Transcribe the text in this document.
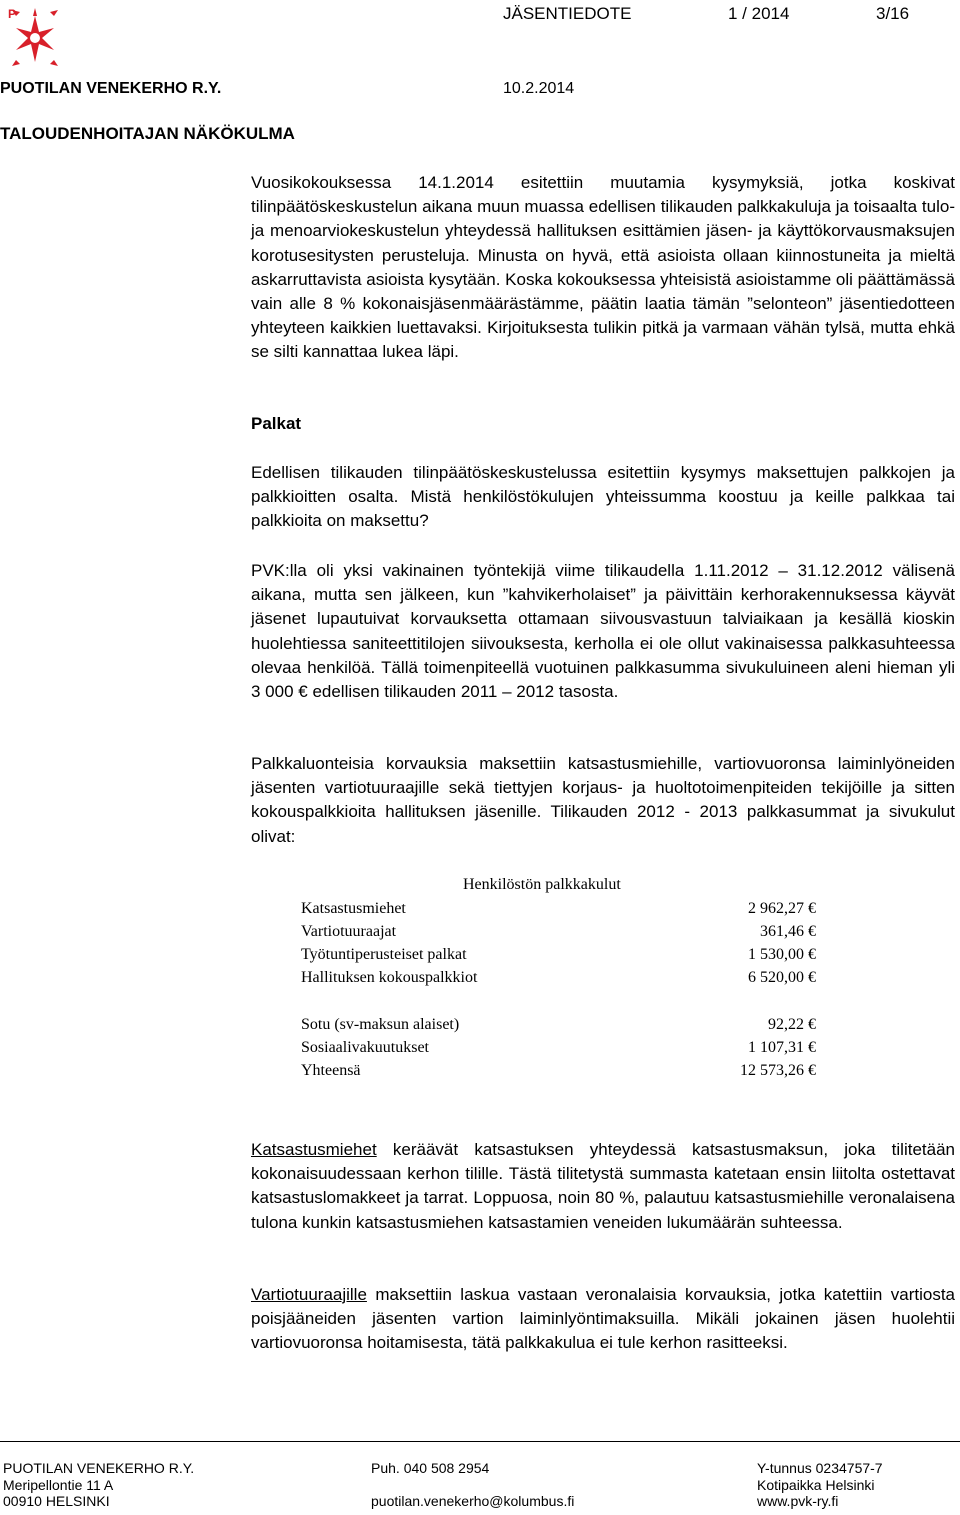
P	JÄSENTIEDOTE	1 / 2014	3/16
PUOTILAN VENEKERHO R.Y.	10.2.2014
TALOUDENHOITAJAN NÄKÖKULMA

Vuosikokouksessa 14.1.2014 esitettiin muutamia kysymyksiä, jotka koskivat tilinpäätöskeskustelun aikana muun muassa edellisen tilikauden palkkakuluja ja toisaalta tulo- ja menoarviokeskustelun yhteydessä hallituksen esittämien jäsen- ja käyttökorvausmaksujen korotusesitysten perusteluja. Minusta on hyvä, että asioista ollaan kiinnostuneita ja mieltä askarruttavista asioista kysytään. Koska kokouksessa yhteisistä asioistamme oli päättämässä vain alle 8 % kokonaisjäsenmäärästämme, päätin laatia tämän ”selonteon” jäsentiedotteen yhteyteen kaikkien luettavaksi. Kirjoituksesta tulikin pitkä ja varmaan vähän tylsä, mutta ehkä se silti kannattaa lukea läpi.

Palkat

Edellisen tilikauden tilinpäätöskeskustelussa esitettiin kysymys maksettujen palkkojen ja palkkioitten osalta. Mistä henkilöstökulujen yhteissumma koostuu ja keille palkkaa tai palkkioita on maksettu?

PVK:lla oli yksi vakinainen työntekijä viime tilikaudella 1.11.2012 – 31.12.2012 välisenä aikana, mutta sen jälkeen, kun ”kahvikerholaiset” ja päivittäin kerhorakennuksessa käyvät jäsenet lupautuivat korvauksetta ottamaan siivousvastuun talviaikaan ja kesällä kioskin huolehtiessa saniteettitilojen siivouksesta, kerholla ei ole ollut vakinaisessa palkkasuhteessa olevaa henkilöä. Tällä toimenpiteellä vuotuinen palkkasumma sivukuluineen aleni hieman yli 3 000 € edellisen tilikauden 2011 – 2012 tasosta.

Palkkaluonteisia korvauksia maksettiin katsastusmiehille, vartiovuoronsa laiminlyöneiden jäsenten vartiotuuraajille sekä tiettyjen korjaus- ja huoltotoimenpiteiden tekijöille ja sitten kokouspalkkioita hallituksen jäsenille. Tilikauden 2012 - 2013 palkkasummat ja sivukulut olivat:

Henkilöstön palkkakulut
Katsastusmiehet	2 962,27 €
Vartiotuuraajat	361,46 €
Työtuntiperusteiset palkat	1 530,00 €
Hallituksen kokouspalkkiot	6 520,00 €
Sotu (sv-maksun alaiset)	92,22 €
Sosiaalivakuutukset	1 107,31 €
Yhteensä	12 573,26 €

Katsastusmiehet keräävät katsastuksen yhteydessä katsastusmaksun, joka tilitetään kokonaisuudessaan kerhon tilille. Tästä tilitetystä summasta katetaan ensin liitolta ostettavat katsastuslomakkeet ja tarrat. Loppuosa, noin 80 %, palautuu katsastusmiehille veronalaisena tulona kunkin katsastusmiehen katsastamien veneiden lukumäärän suhteessa.

Vartiotuuraajille maksettiin laskua vastaan veronalaisia korvauksia, jotka katettiin vartiosta poisjääneiden jäsenten vartion laiminlyöntimaksuilla. Mikäli jokainen jäsen huolehtii vartiovuoronsa hoitamisesta, tätä palkkakulua ei tule kerhon rasitteeksi.

PUOTILAN VENEKERHO R.Y.
Meripellontie 11 A
00910 HELSINKI
Puh. 040 508 2954
puotilan.venekerho@kolumbus.fi
Y-tunnus 0234757-7
Kotipaikka Helsinki
www.pvk-ry.fi
